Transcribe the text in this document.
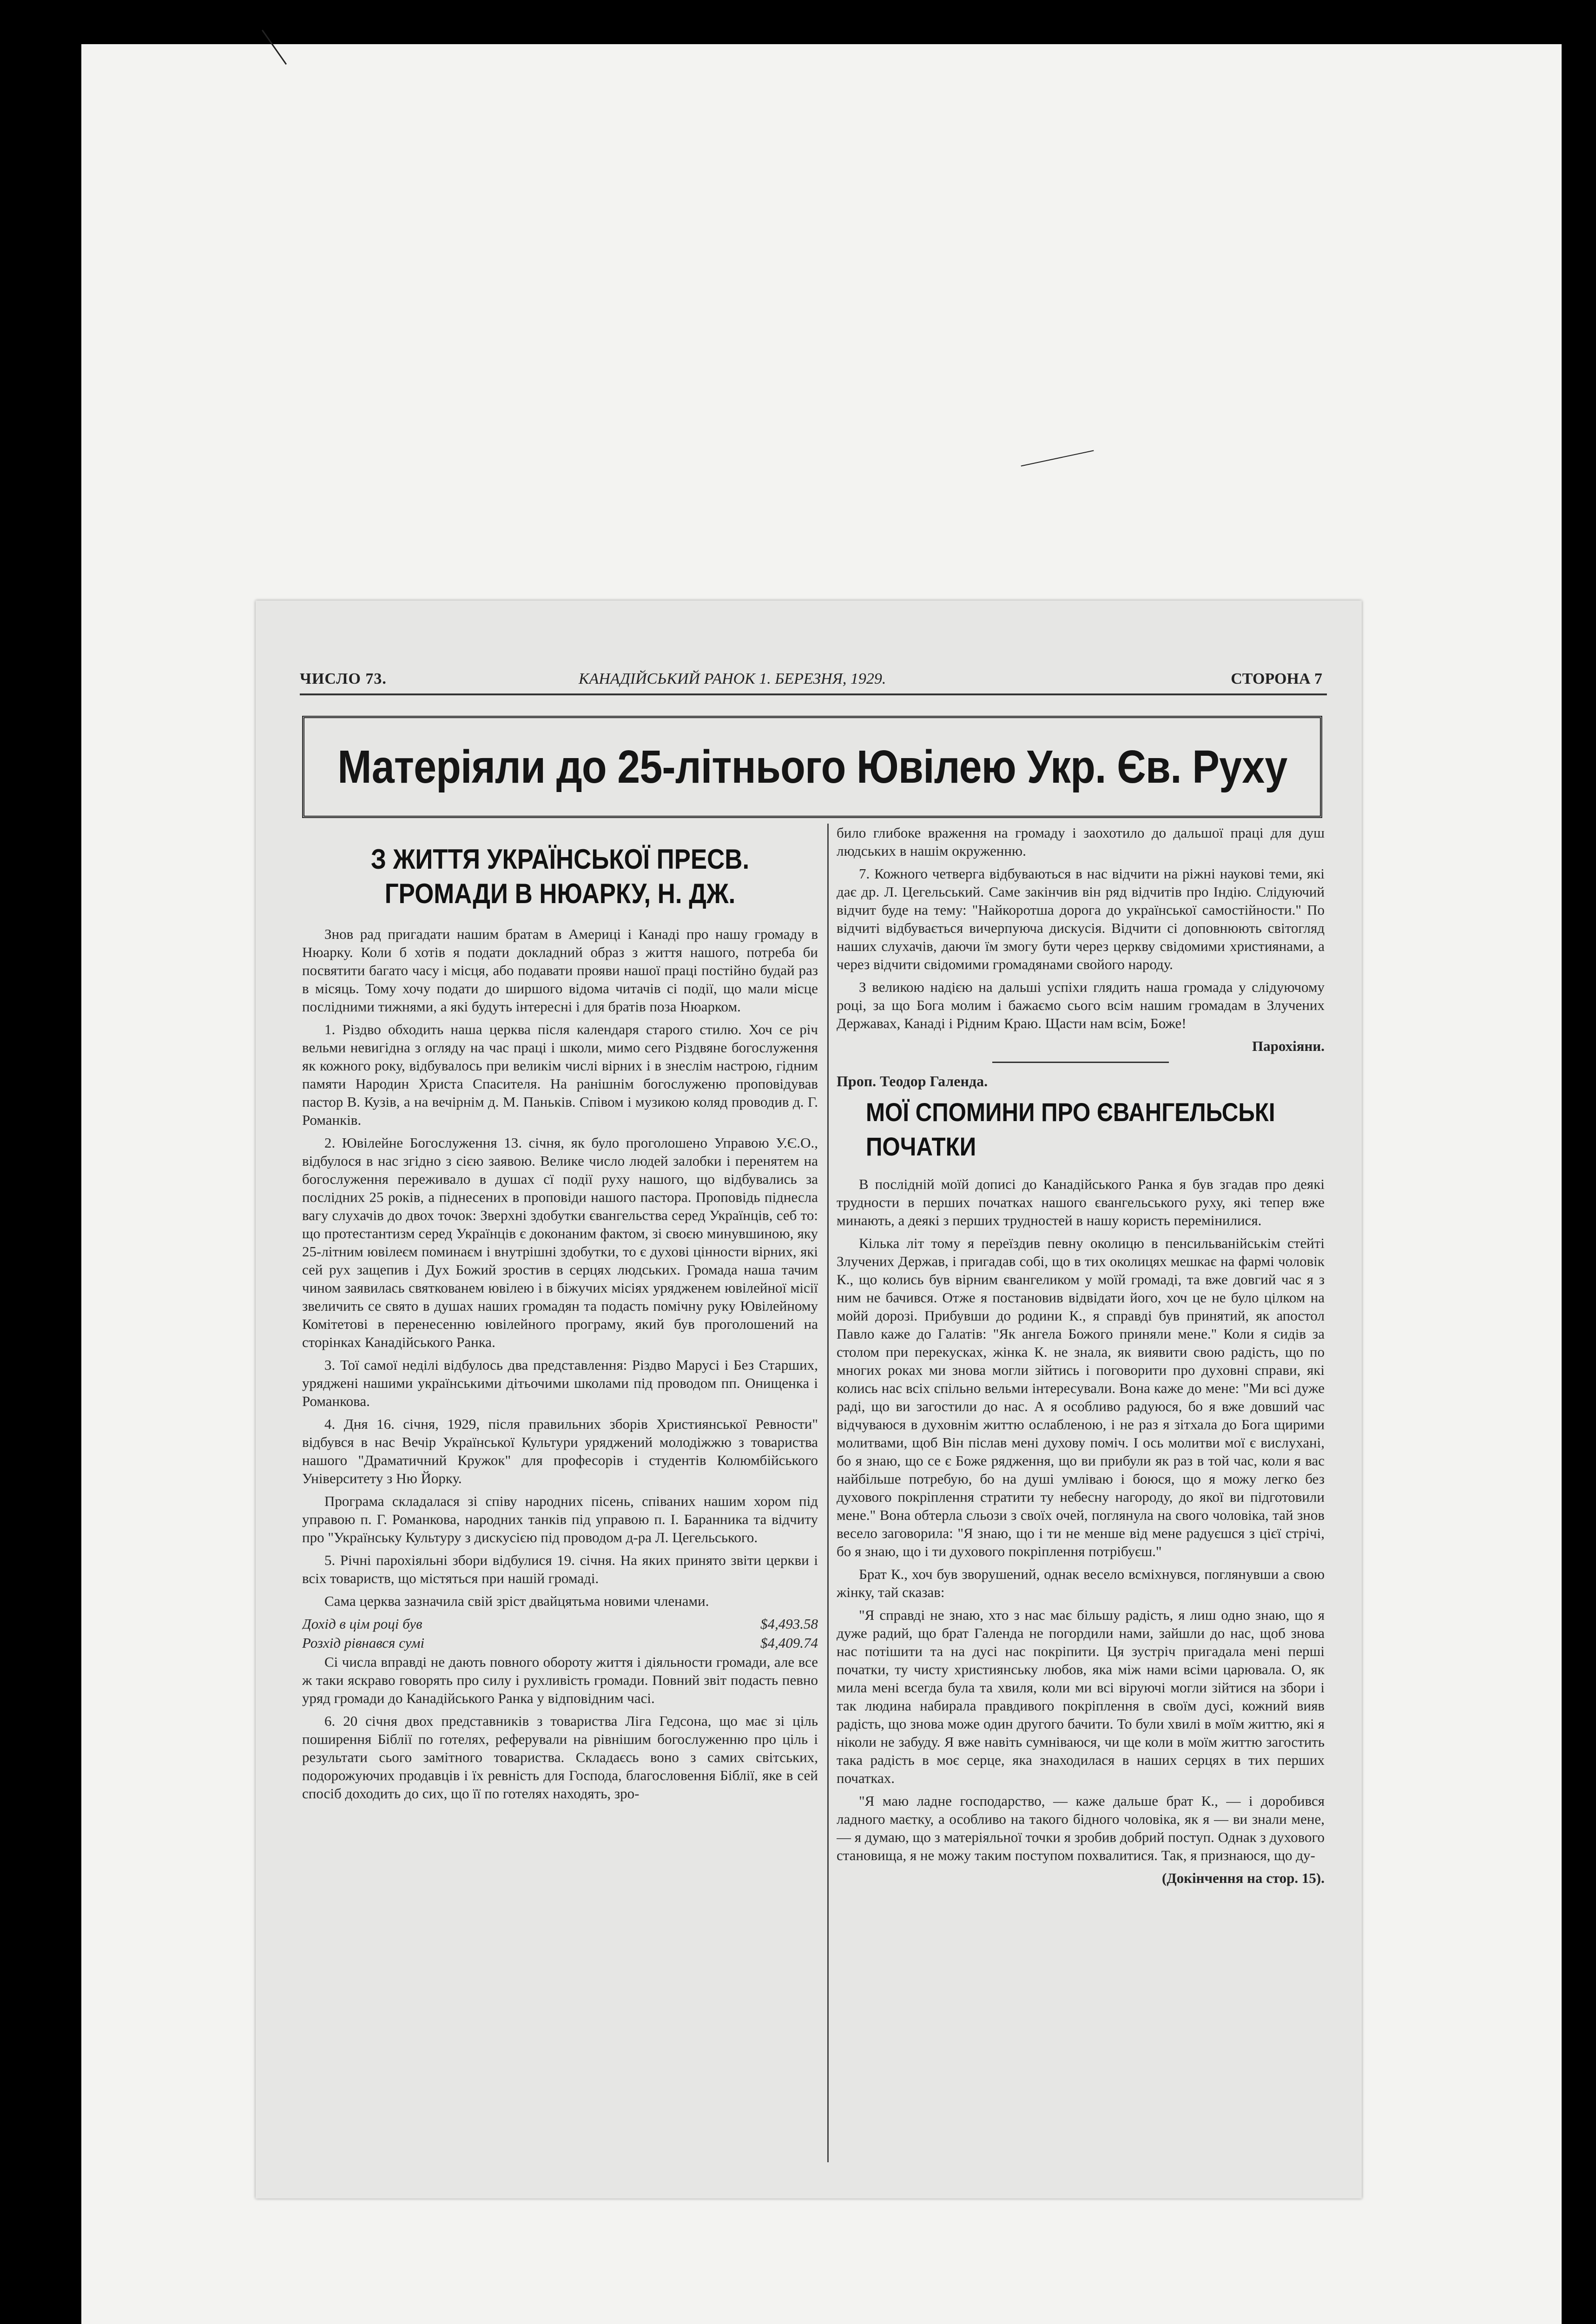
ЧИСЛО 73.	КАНАДІЙСЬКИЙ РАНОК 1. БЕРЕЗНЯ, 1929.	СТОРОНА 7
Матеріяли до 25-літнього Ювілею Укр. Єв. Руху
З ЖИТТЯ УКРАЇНСЬКОЇ ПРЕСВ. ГРОМАДИ В НЮАРКУ, Н. ДЖ.

Знов рад пригадати нашим братам в Америці і Канаді про нашу громаду в Нюарку. Коли б хотів я подати докладний образ з життя нашого, потреба би посвятити багато часу і місця, або подавати прояви нашої праці постійно будай раз в місяць. Тому хочу подати до ширшого відома читачів сі події, що мали місце послідними тижнями, а які будуть інтересні і для братів поза Нюарком.

1. Різдво обходить наша церква після календаря старого стилю. Хоч се річ вельми невигідна з огляду на час праці і школи, мимо сего Різдвяне богослуження як кожного року, відбувалось при великім числі вірних і в знеслім настрою, гідним памяти Народин Христа Спасителя. На ранішнім богослуженю проповідував пастор В. Кузів, а на вечірнім д. М. Паньків. Співом і музикою коляд проводив д. Г. Романків.

2. Ювілейне Богослуження 13. січня, як було проголошено Управою У.Є.О., відбулося в нас згідно з сією заявою. Велике число людей залобки і перенятем на богослуження переживало в душах сї події руху нашого, що відбувались за послідних 25 років, а піднесених в проповіди нашого пастора. Проповідь піднесла вагу слухачів до двох точок: Зверхні здобутки євангельства серед Українців, себ то: що протестантизм серед Українців є доконаним фактом, зі своєю минувшиною, яку 25-літним ювілеєм поминаєм і внутрішні здобутки, то є духові цінности вірних, які сей рух защепив і Дух Божий зростив в серцях людських. Громада наша тачим чином заявилась святкованем ювілею і в біжучих місіях урядженем ювілейної місії звеличить се свято в душах наших громадян та подасть помічну руку Ювілейному Комітетові в перенесенню ювілейного програму, який був проголошений на сторінках Канадійського Ранка.

3. Тої самої неділі відбулось два представлення: Різдво Марусі і Без Старших, уряджені нашими українськими дітьочими школами під проводом пп. Онищенка і Романкова.

4. Дня 16. січня, 1929, після правильних зборів Християнської Ревности" відбувся в нас Вечір Української Культури уряджений молодіжжю з товариства нашого "Драматичний Кружок" для професорів і студентів Колюмбійського Університету з Ню Йорку.

Програма складалася зі співу народних пісень, співаних нашим хором під управою п. Г. Романкова, народних танків під управою п. І. Баранника та відчиту про "Українську Культуру з дискусією під проводом д-ра Л. Цегельського.

5. Річні парохіяльні збори відбулися 19. січня. На яких принято звіти церкви і всіх товариств, що містяться при нашій громаді.

Сама церква зазначила свій зріст двайцятьма новими членами.

Дохід в цім році був	$4,493.58
Розхід рівнався сумі	$4,409.74

Сі числа вправді не дають повного обороту життя і діяльности громади, але все ж таки яскраво говорять про силу і рухливість громади. Повний звіт подасть певно уряд громади до Канадійського Ранка у відповідним часі.

6. 20 січня двох представників з товариства Ліга Гедсона, що має зі ціль поширення Біблії по готелях, реферували на рівнішим богослуженню про ціль і результати сього замітного товариства. Складаєсь воно з самих світських, подорожуючих продавців і їх ревність для Господа, благословення Біблії, яке в сей спосіб доходить до сих, що її по готелях находять, зро-

било глибоке враження на громаду і заохотило до дальшої праці для душ людських в нашім окруженню.

7. Кожного четверга відбуваються в нас відчити на ріжні наукові теми, які дає др. Л. Цегельський. Саме закінчив він ряд відчитів про Індію. Слідуючий відчит буде на тему: "Найкоротша дорога до української самостійности." По відчиті відбувається вичерпуюча дискусія. Відчити сі доповнюють світогляд наших слухачів, даючи їм змогу бути через церкву свідомими християнами, а через відчити свідомими громадянами свойого народу.

З великою надією на дальші успіхи глядить наша громада у слідуючому році, за що Бога молим і бажаємо сього всім нашим громадам в Злучених Державах, Канаді і Рідним Краю. Щасти нам всім, Боже!

Парохіяни.

Проп. Теодор Галенда.

МОЇ СПОМИНИ ПРО ЄВАНГЕЛЬСЬКІ ПОЧАТКИ

В послідній моїй дописі до Канадійського Ранка я був згадав про деякі трудности в перших початках нашого євангельського руху, які тепер вже минають, а деякі з перших трудностей в нашу користь перемінилися.

Кілька літ тому я переїздив певну околицю в пенсильванійськім стейті Злучених Держав, і пригадав собі, що в тих околицях мешкає на фармі чоловік К., що колись був вірним євангеликом у моїй громаді, та вже довгий час я з ним не бачився. Отже я постановив відвідати його, хоч це не було цілком на мойй дорозі. Прибувши до родини К., я справді був принятий, як апостол Павло каже до Галатів: "Як ангела Божого приняли мене." Коли я сидів за столом при перекусках, жінка К. не знала, як виявити свою радість, що по многих роках ми знова могли зійтись і поговорити про духовні справи, які колись нас всіх спільно вельми інтересували. Вона каже до мене: "Ми всі дуже раді, що ви загостили до нас. А я особливо радуюся, бо я вже довший час відчуваюся в духовнім життю ослабленою, і не раз я зітхала до Бога щирими молитвами, щоб Він післав мені духову поміч. І ось молитви мої є вислухані, бо я знаю, що се є Боже рядження, що ви прибули як раз в той час, коли я вас найбільше потребую, бо на душі умліваю і боюся, що я можу легко без духового покріплення стратити ту небесну нагороду, до якої ви підготовили мене." Вона обтерла сльози з своїх очей, поглянула на свого чоловіка, тай знов весело заговорила: "Я знаю, що і ти не менше від мене радуєшся з цієї стрічі, бо я знаю, що і ти духового покріплення потрібуєш."

Брат К., хоч був зворушений, однак весело всміхнувся, поглянувши а свою жінку, тай сказав:

"Я справді не знаю, хто з нас має більшу радість, я лиш одно знаю, що я дуже радий, що брат Галенда не погордили нами, зайшли до нас, щоб знова нас потішити та на дусі нас покріпити. Ця зустріч пригадала мені перші початки, ту чисту християнську любов, яка між нами всіми царювала. О, як мила мені всегда була та хвиля, коли ми всі віруючі могли зійтися на збори і так людина набирала правдивого покріплення в своїм дусі, кожний вияв радість, що знова може один другого бачити. То були хвилі в моїм життю, які я ніколи не забуду. Я вже навіть сумніваюся, чи ще коли в моїм життю загостить така радість в моє серце, яка знаходилася в наших серцях в тих перших початках.

"Я маю ладне господарство, — каже дальше брат К., — і доробився ладного маєтку, а особливо на такого бідного чоловіка, як я — ви знали мене, — я думаю, що з матеріяльної точки я зробив добрий поступ. Однак з духового становища, я не можу таким поступом похвалитися. Так, я признаюся, що ду-

(Докінчення на стор. 15).
